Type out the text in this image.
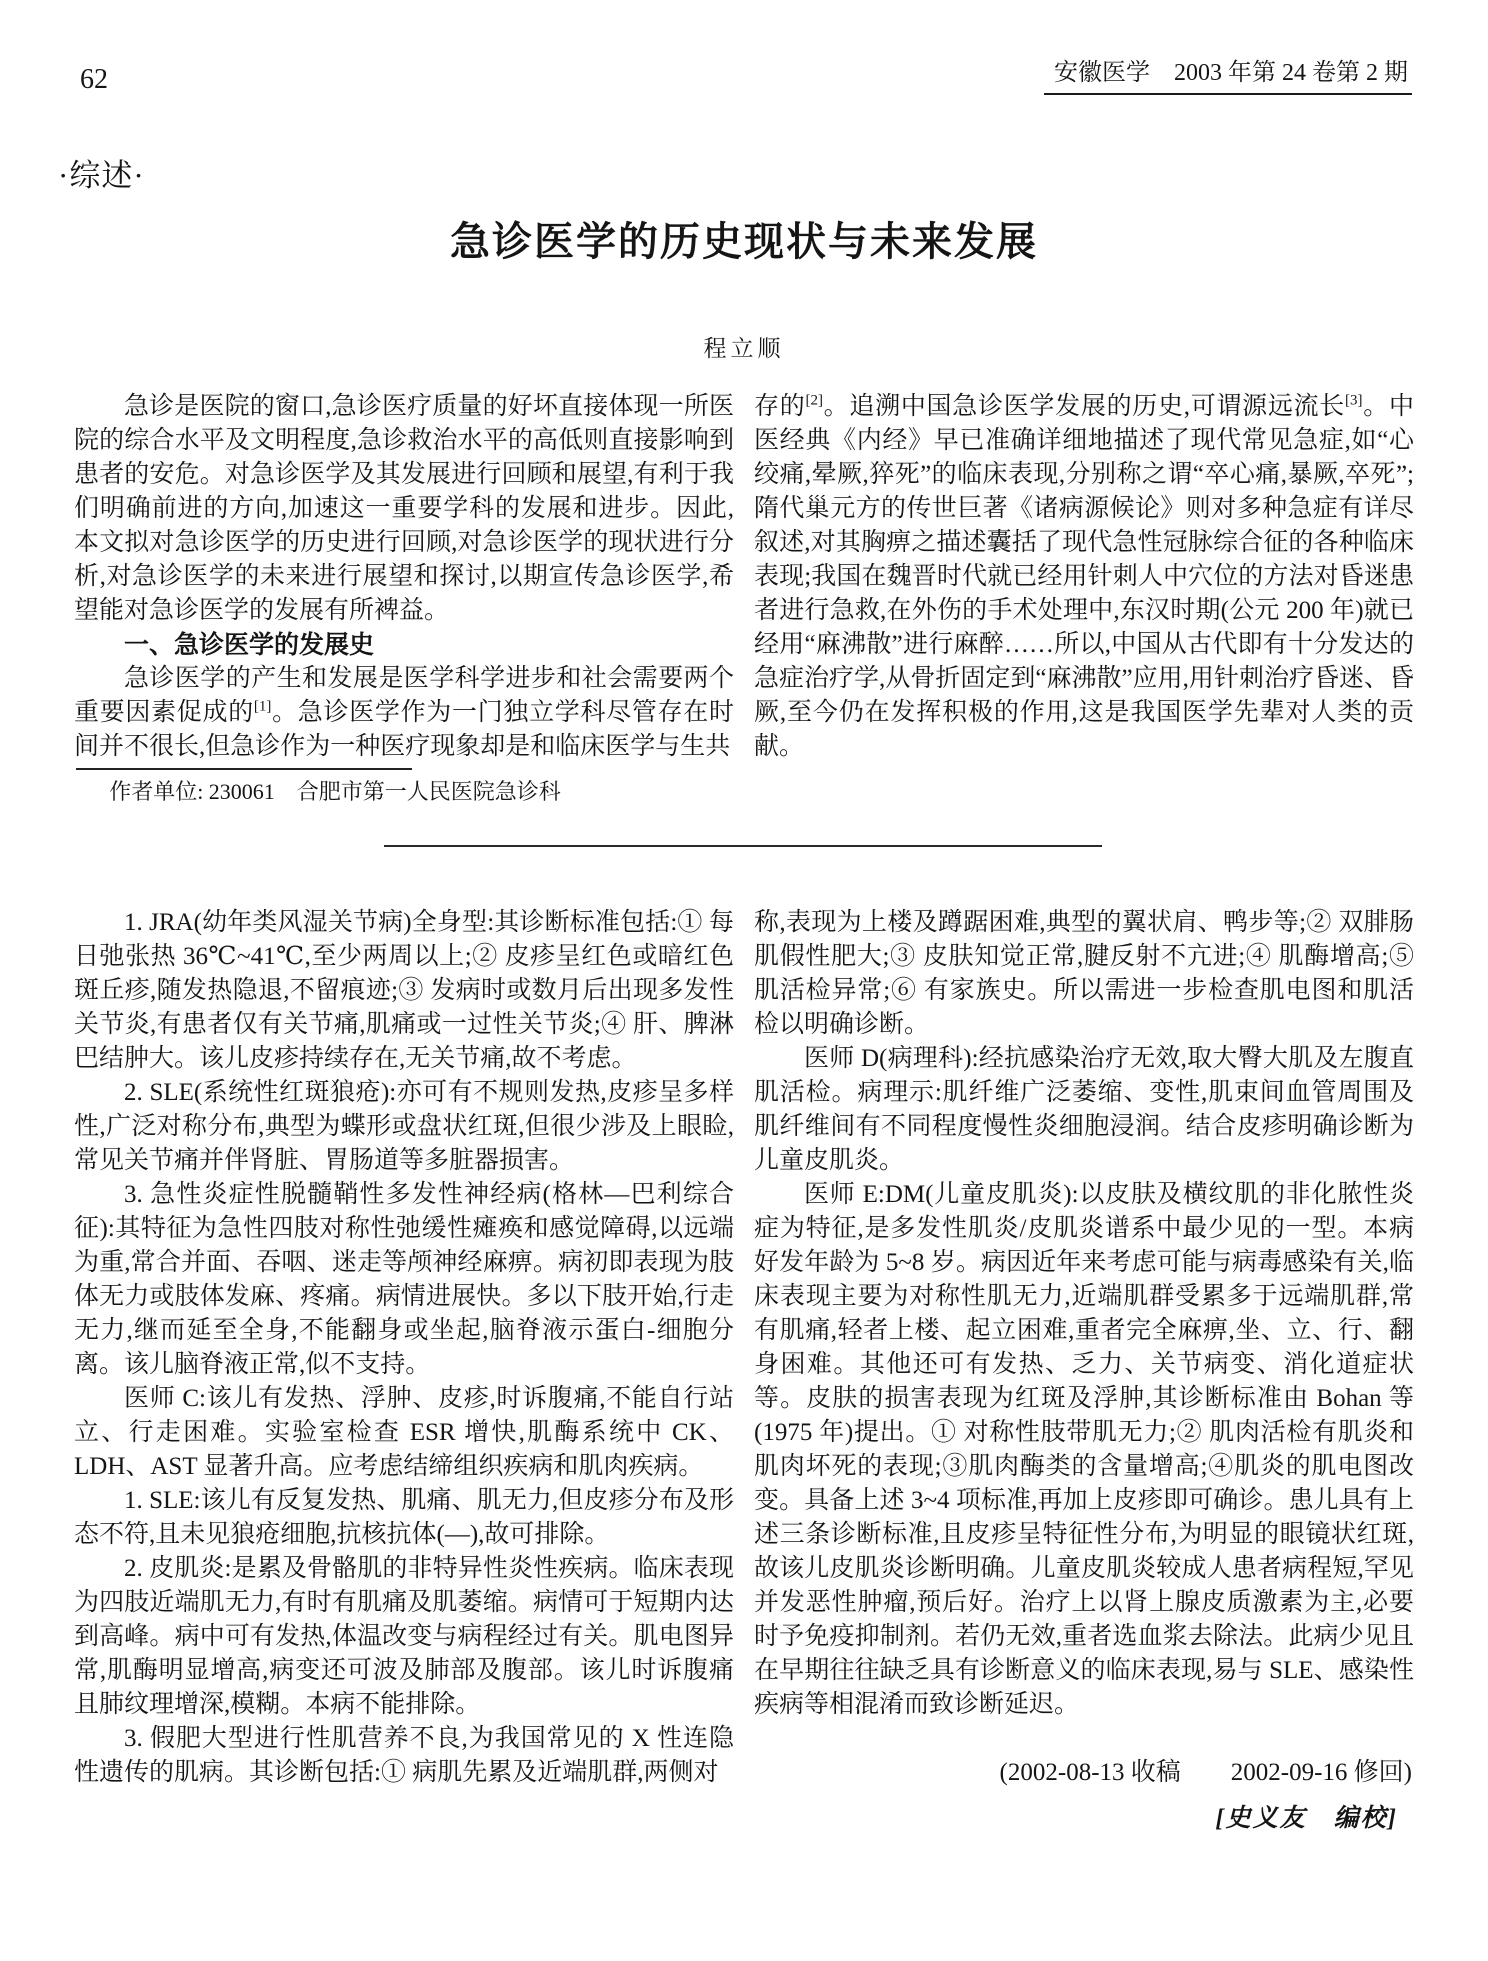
62	安徽医学　2003 年第 24 卷第 2 期
·综述·
急诊医学的历史现状与未来发展
程立顺

急诊是医院的窗口,急诊医疗质量的好坏直接体现一所医院的综合水平及文明程度,急诊救治水平的高低则直接影响到患者的安危。对急诊医学及其发展进行回顾和展望,有利于我们明确前进的方向,加速这一重要学科的发展和进步。因此,本文拟对急诊医学的历史进行回顾,对急诊医学的现状进行分析,对急诊医学的未来进行展望和探讨,以期宣传急诊医学,希望能对急诊医学的发展有所裨益。

一、急诊医学的发展史

急诊医学的产生和发展是医学科学进步和社会需要两个重要因素促成的[1]。急诊医学作为一门独立学科尽管存在时间并不很长,但急诊作为一种医疗现象却是和临床医学与生共

存的[2]。追溯中国急诊医学发展的历史,可谓源远流长[3]。中医经典《内经》早已准确详细地描述了现代常见急症,如“心绞痛,晕厥,猝死”的临床表现,分别称之谓“卒心痛,暴厥,卒死”;隋代巢元方的传世巨著《诸病源候论》则对多种急症有详尽叙述,对其胸痹之描述囊括了现代急性冠脉综合征的各种临床表现;我国在魏晋时代就已经用针刺人中穴位的方法对昏迷患者进行急救,在外伤的手术处理中,东汉时期(公元 200 年)就已经用“麻沸散”进行麻醉……所以,中国从古代即有十分发达的急症治疗学,从骨折固定到“麻沸散”应用,用针刺治疗昏迷、昏厥,至今仍在发挥积极的作用,这是我国医学先辈对人类的贡献。

作者单位: 230061　合肥市第一人民医院急诊科

1. JRA(幼年类风湿关节病)全身型:其诊断标准包括:① 每日弛张热 36℃~41℃,至少两周以上;② 皮疹呈红色或暗红色斑丘疹,随发热隐退,不留痕迹;③ 发病时或数月后出现多发性关节炎,有患者仅有关节痛,肌痛或一过性关节炎;④ 肝、脾淋巴结肿大。该儿皮疹持续存在,无关节痛,故不考虑。

2. SLE(系统性红斑狼疮):亦可有不规则发热,皮疹呈多样性,广泛对称分布,典型为蝶形或盘状红斑,但很少涉及上眼睑,常见关节痛并伴肾脏、胃肠道等多脏器损害。

3. 急性炎症性脱髓鞘性多发性神经病(格林—巴利综合征):其特征为急性四肢对称性弛缓性瘫痪和感觉障碍,以远端为重,常合并面、吞咽、迷走等颅神经麻痹。病初即表现为肢体无力或肢体发麻、疼痛。病情进展快。多以下肢开始,行走无力,继而延至全身,不能翻身或坐起,脑脊液示蛋白-细胞分离。该儿脑脊液正常,似不支持。

医师 C:该儿有发热、浮肿、皮疹,时诉腹痛,不能自行站立、行走困难。实验室检查 ESR 增快,肌酶系统中 CK、LDH、AST 显著升高。应考虑结缔组织疾病和肌肉疾病。

1. SLE:该儿有反复发热、肌痛、肌无力,但皮疹分布及形态不符,且未见狼疮细胞,抗核抗体(—),故可排除。

2. 皮肌炎:是累及骨骼肌的非特异性炎性疾病。临床表现为四肢近端肌无力,有时有肌痛及肌萎缩。病情可于短期内达到高峰。病中可有发热,体温改变与病程经过有关。肌电图异常,肌酶明显增高,病变还可波及肺部及腹部。该儿时诉腹痛且肺纹理增深,模糊。本病不能排除。

3. 假肥大型进行性肌营养不良,为我国常见的 X 性连隐性遗传的肌病。其诊断包括:① 病肌先累及近端肌群,两侧对

称,表现为上楼及蹲踞困难,典型的翼状肩、鸭步等;② 双腓肠肌假性肥大;③ 皮肤知觉正常,腱反射不亢进;④ 肌酶增高;⑤ 肌活检异常;⑥ 有家族史。所以需进一步检查肌电图和肌活检以明确诊断。

医师 D(病理科):经抗感染治疗无效,取大臀大肌及左腹直肌活检。病理示:肌纤维广泛萎缩、变性,肌束间血管周围及肌纤维间有不同程度慢性炎细胞浸润。结合皮疹明确诊断为儿童皮肌炎。

医师 E:DM(儿童皮肌炎):以皮肤及横纹肌的非化脓性炎症为特征,是多发性肌炎/皮肌炎谱系中最少见的一型。本病好发年龄为 5~8 岁。病因近年来考虑可能与病毒感染有关,临床表现主要为对称性肌无力,近端肌群受累多于远端肌群,常有肌痛,轻者上楼、起立困难,重者完全麻痹,坐、立、行、翻身困难。其他还可有发热、乏力、关节病变、消化道症状等。皮肤的损害表现为红斑及浮肿,其诊断标准由 Bohan 等(1975 年)提出。① 对称性肢带肌无力;② 肌肉活检有肌炎和肌肉坏死的表现;③肌肉酶类的含量增高;④肌炎的肌电图改变。具备上述 3~4 项标准,再加上皮疹即可确诊。患儿具有上述三条诊断标准,且皮疹呈特征性分布,为明显的眼镜状红斑,故该儿皮肌炎诊断明确。儿童皮肌炎较成人患者病程短,罕见并发恶性肿瘤,预后好。治疗上以肾上腺皮质激素为主,必要时予免疫抑制剂。若仍无效,重者选血浆去除法。此病少见且在早期往往缺乏具有诊断意义的临床表现,易与 SLE、感染性疾病等相混淆而致诊断延迟。

(2002-08-13 收稿　　2002-09-16 修回)

[史义友　编校]
